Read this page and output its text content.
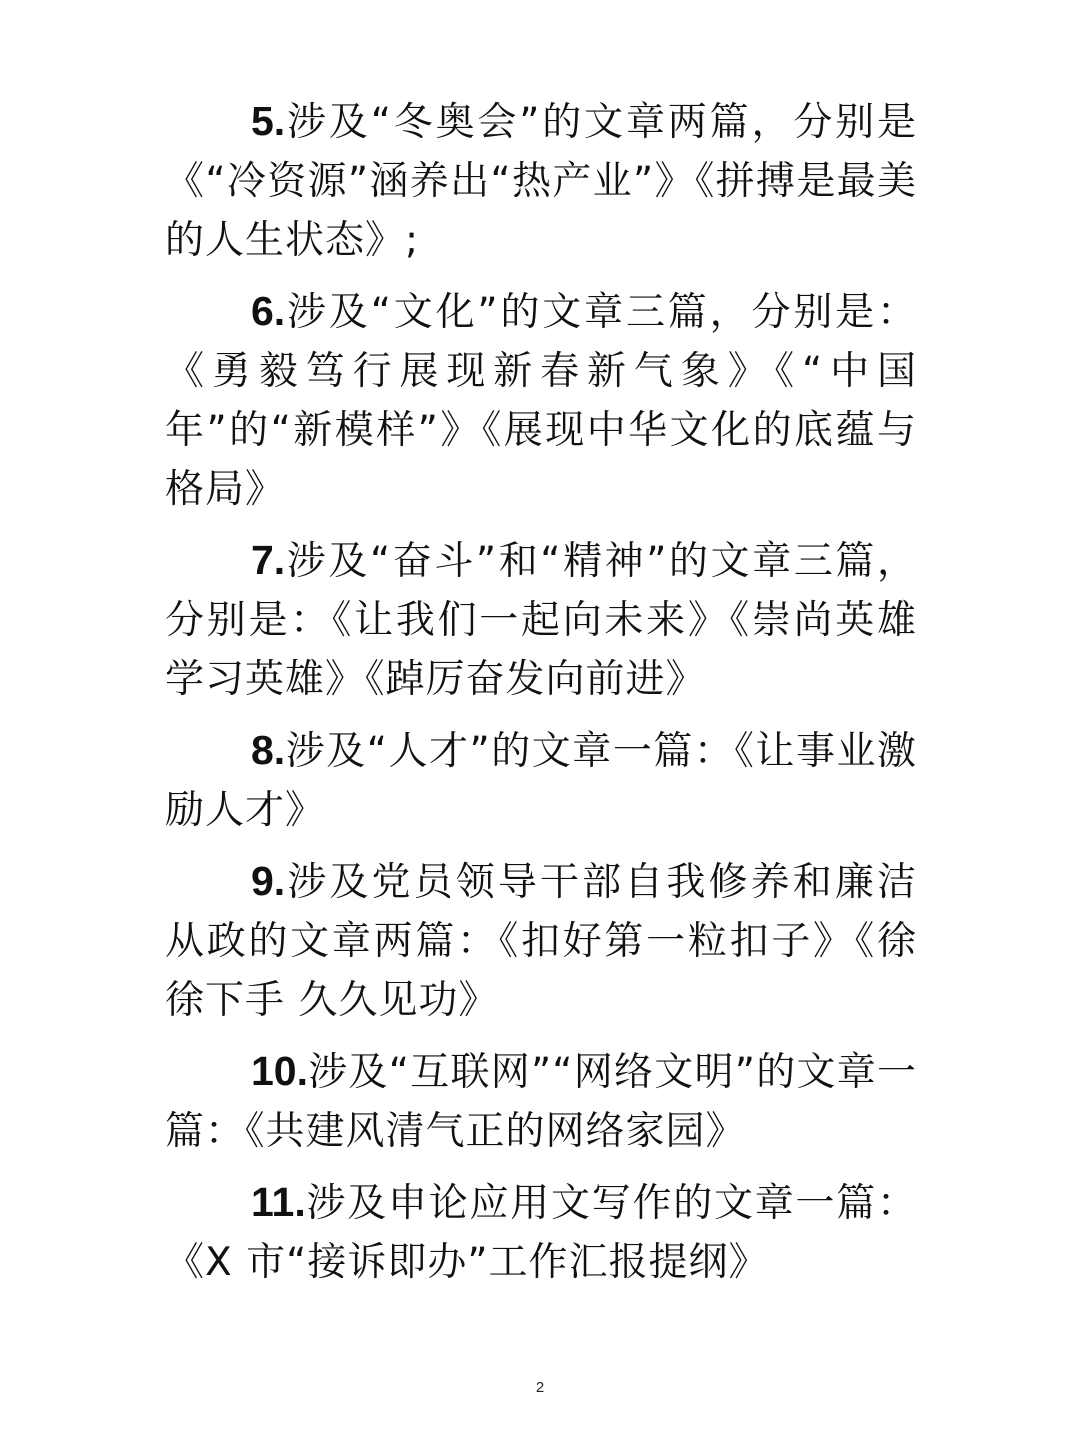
5.涉及“冬奥会”的文章两篇，分别是《“冷资源”涵养出“热产业”》《拼搏是最美的人生状态》;

6.涉及“文化”的文章三篇，分别是：《勇毅笃行展现新春新气象》《“中国年”的“新模样”》《展现中华文化的底蕴与格局》

7.涉及“奋斗”和“精神”的文章三篇，分别是：《让我们一起向未来》《崇尚英雄 学习英雄》《踔厉奋发向前进》

8.涉及“人才”的文章一篇：《让事业激励人才》

9.涉及党员领导干部自我修养和廉洁从政的文章两篇：《扣好第一粒扣子》《徐徐下手 久久见功》

10.涉及“互联网”“网络文明”的文章一篇：《共建风清气正的网络家园》

11.涉及申论应用文写作的文章一篇：《X 市“接诉即办”工作汇报提纲》

2
